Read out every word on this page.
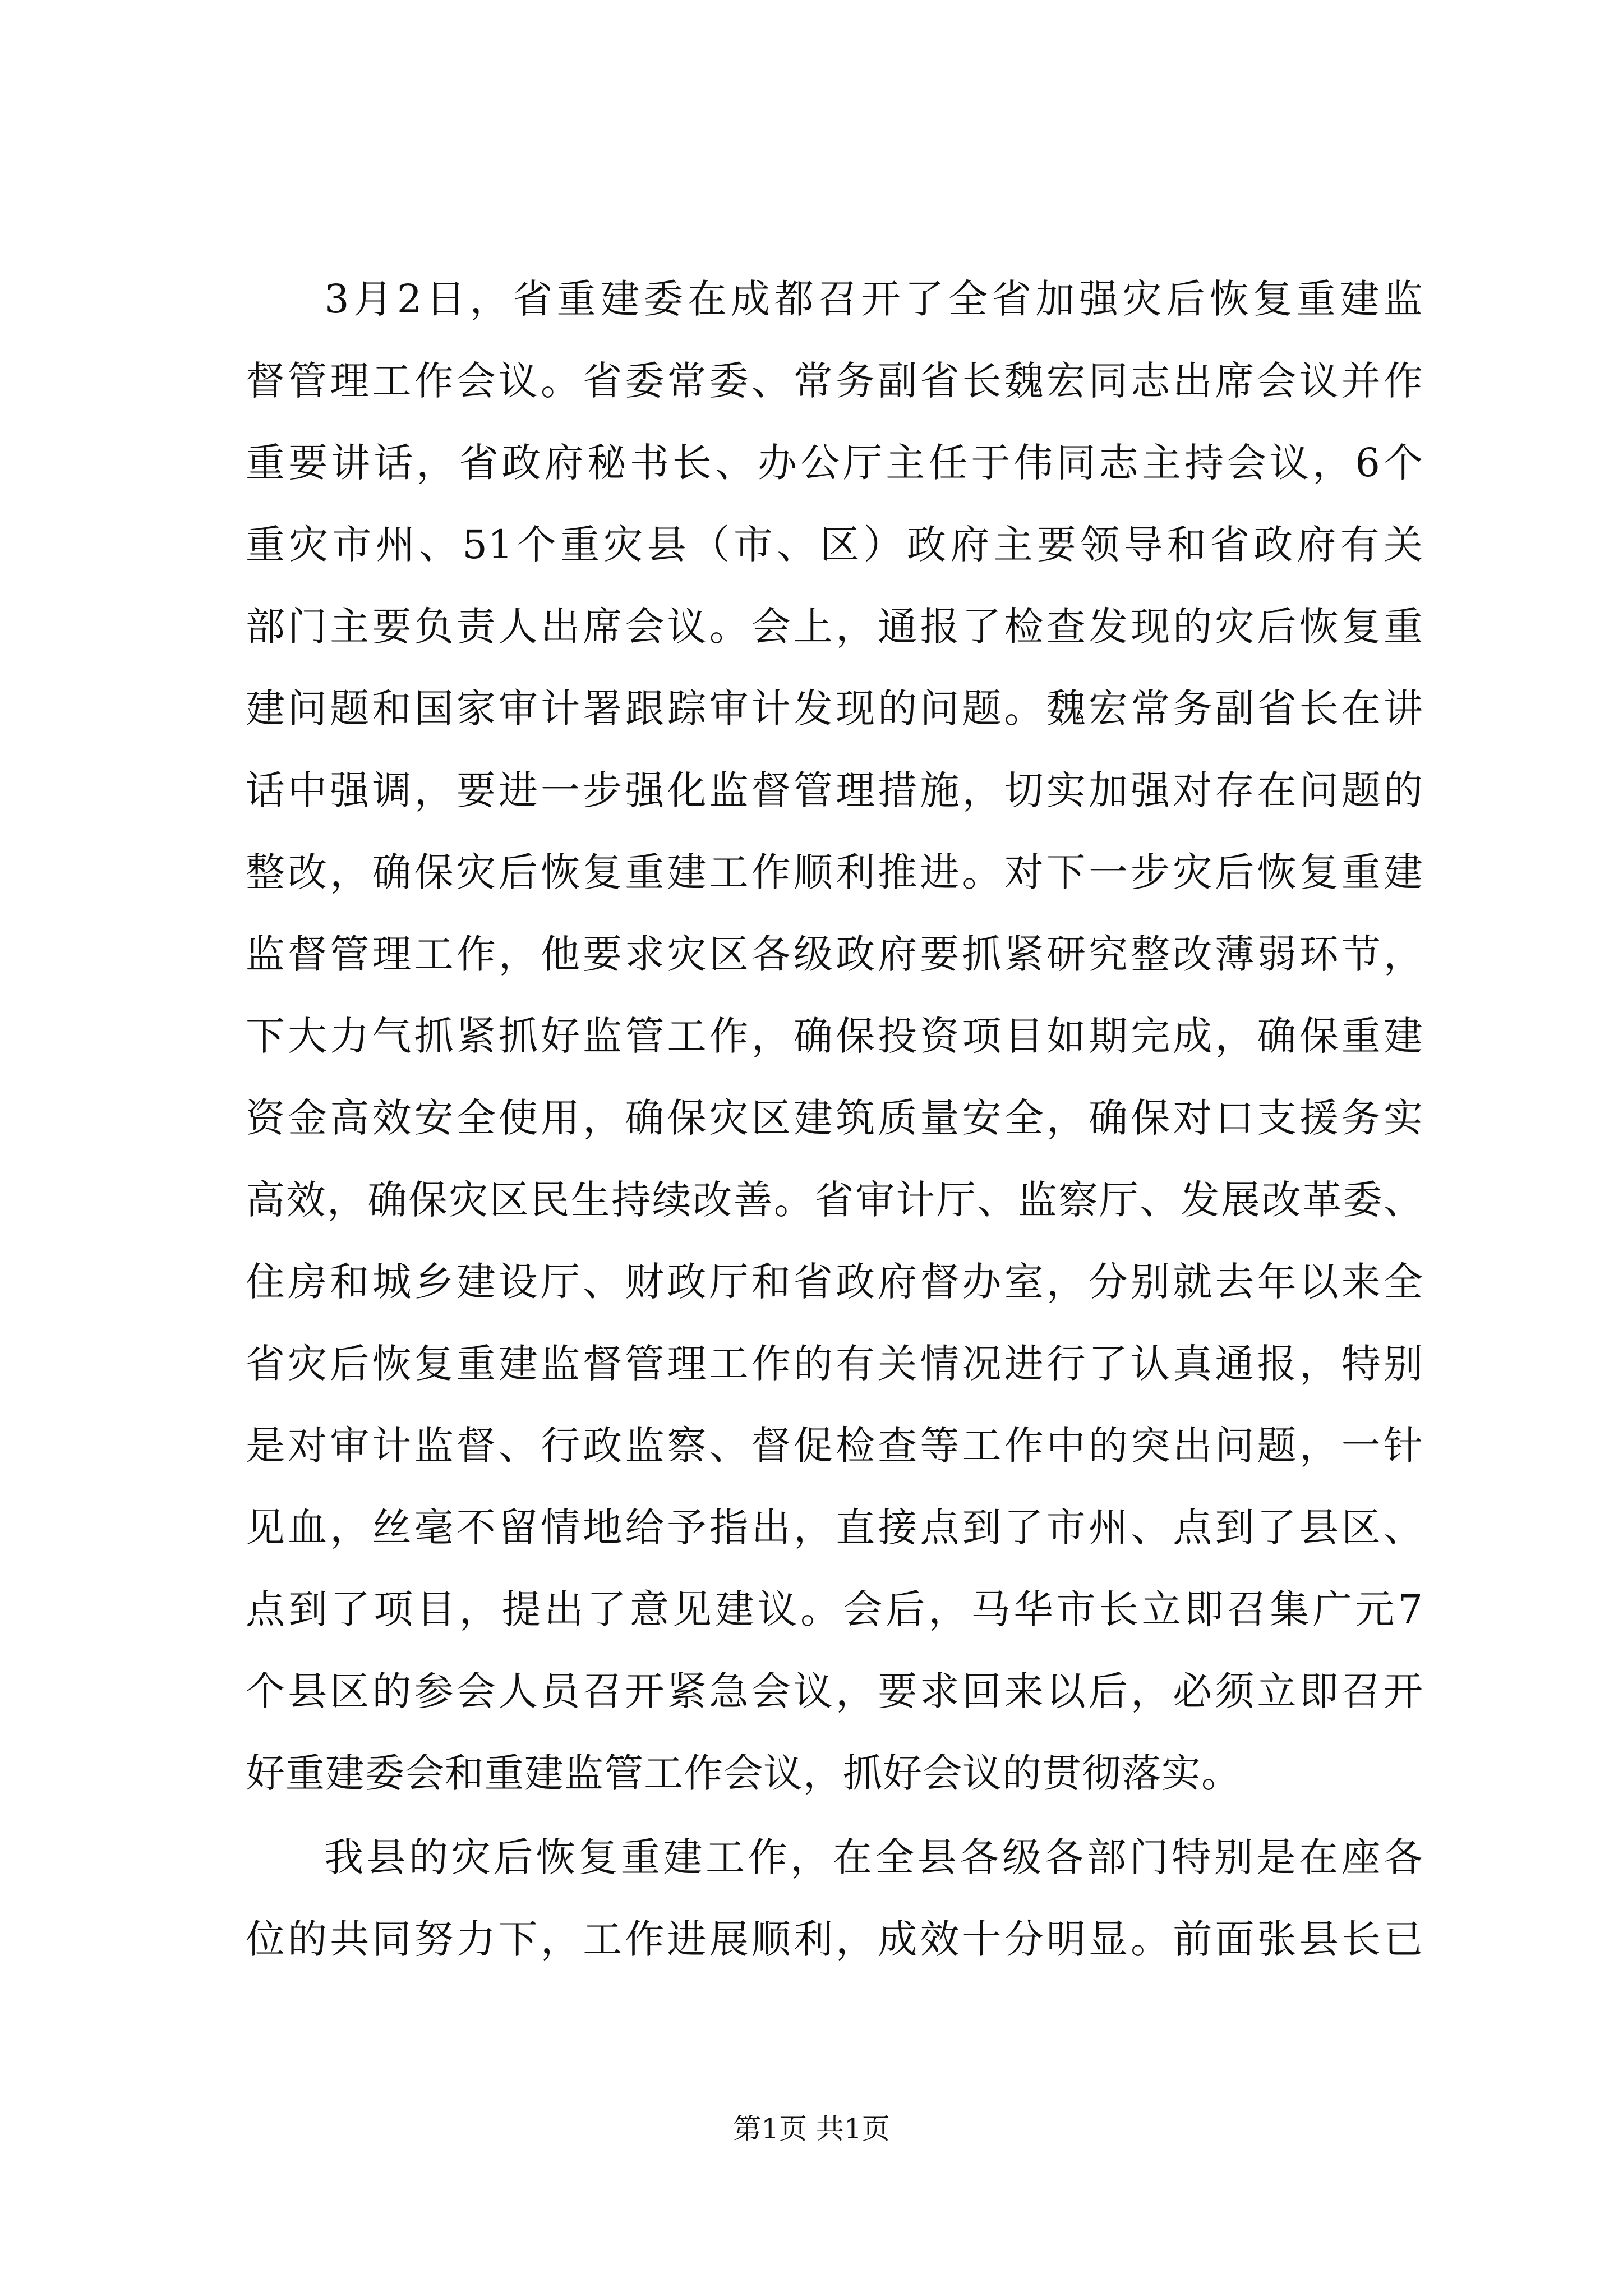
3月2日，省重建委在成都召开了全省加强灾后恢复重建监
督管理工作会议。省委常委、常务副省长魏宏同志出席会议并作
重要讲话，省政府秘书长、办公厅主任于伟同志主持会议，6个
重灾市州、51个重灾县（市、区）政府主要领导和省政府有关
部门主要负责人出席会议。会上，通报了检查发现的灾后恢复重
建问题和国家审计署跟踪审计发现的问题。魏宏常务副省长在讲
话中强调，要进一步强化监督管理措施，切实加强对存在问题的
整改，确保灾后恢复重建工作顺利推进。对下一步灾后恢复重建
监督管理工作，他要求灾区各级政府要抓紧研究整改薄弱环节，
下大力气抓紧抓好监管工作，确保投资项目如期完成，确保重建
资金高效安全使用，确保灾区建筑质量安全，确保对口支援务实
高效，确保灾区民生持续改善。省审计厅、监察厅、发展改革委、
住房和城乡建设厅、财政厅和省政府督办室，分别就去年以来全
省灾后恢复重建监督管理工作的有关情况进行了认真通报，特别
是对审计监督、行政监察、督促检查等工作中的突出问题，一针
见血，丝毫不留情地给予指出，直接点到了市州、点到了县区、
点到了项目，提出了意见建议。会后，马华市长立即召集广元7
个县区的参会人员召开紧急会议，要求回来以后，必须立即召开
好重建委会和重建监管工作会议，抓好会议的贯彻落实。
我县的灾后恢复重建工作，在全县各级各部门特别是在座各
位的共同努力下，工作进展顺利，成效十分明显。前面张县长已
第1页 共1页
